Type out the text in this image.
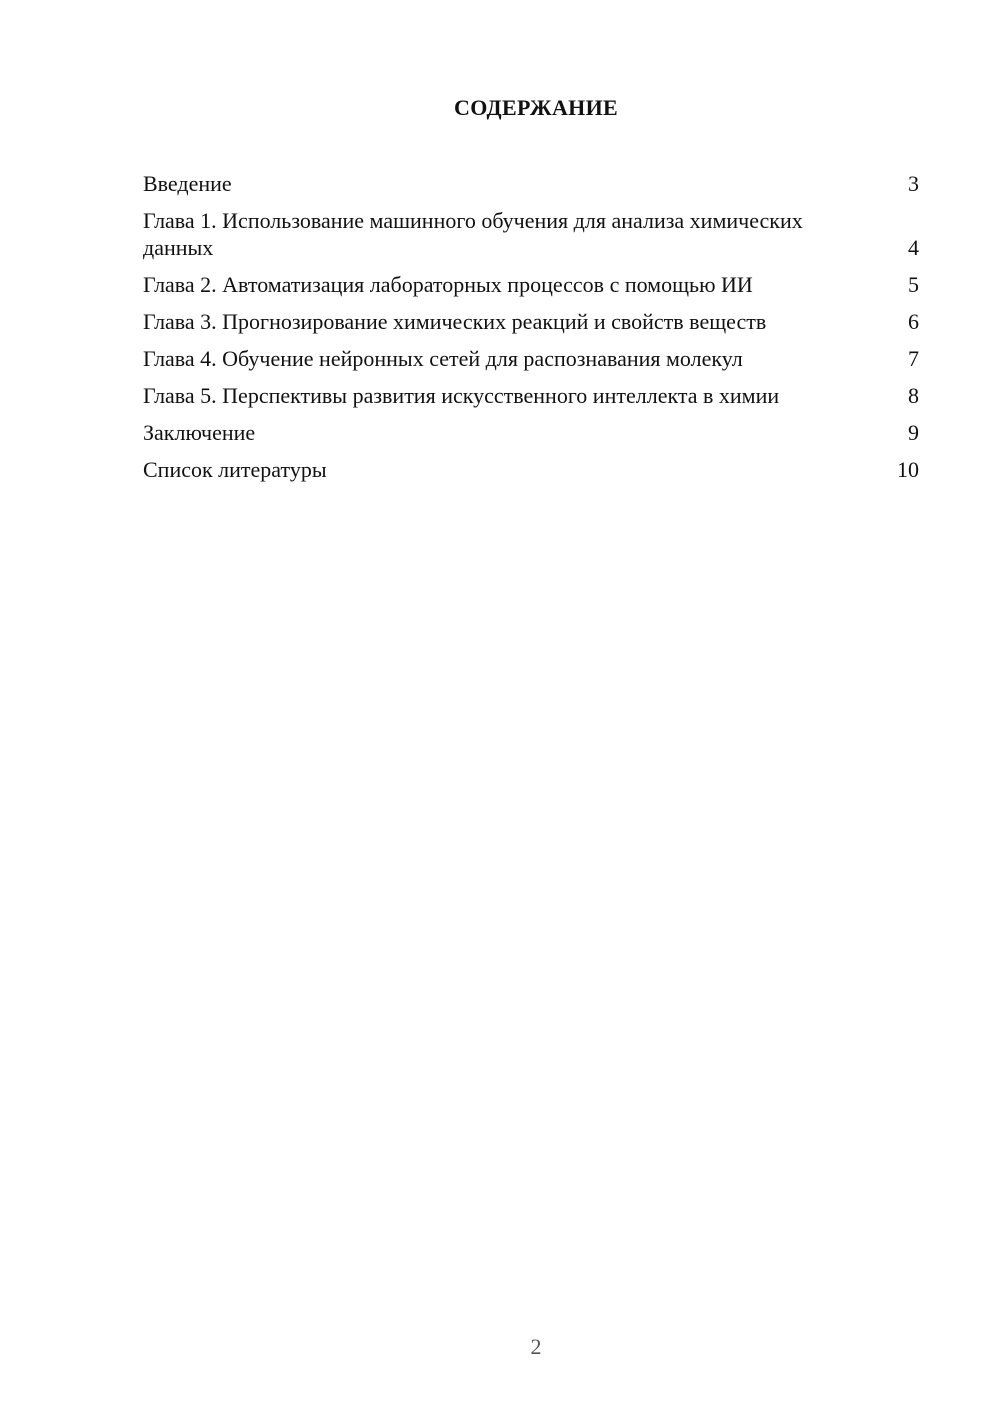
СОДЕРЖАНИЕ
Введение	3
Глава 1. Использование машинного обучения для анализа химических данных	4
Глава 2. Автоматизация лабораторных процессов с помощью ИИ	5
Глава 3. Прогнозирование химических реакций и свойств веществ	6
Глава 4. Обучение нейронных сетей для распознавания молекул	7
Глава 5. Перспективы развития искусственного интеллекта в химии	8
Заключение	9
Список литературы	10
2
